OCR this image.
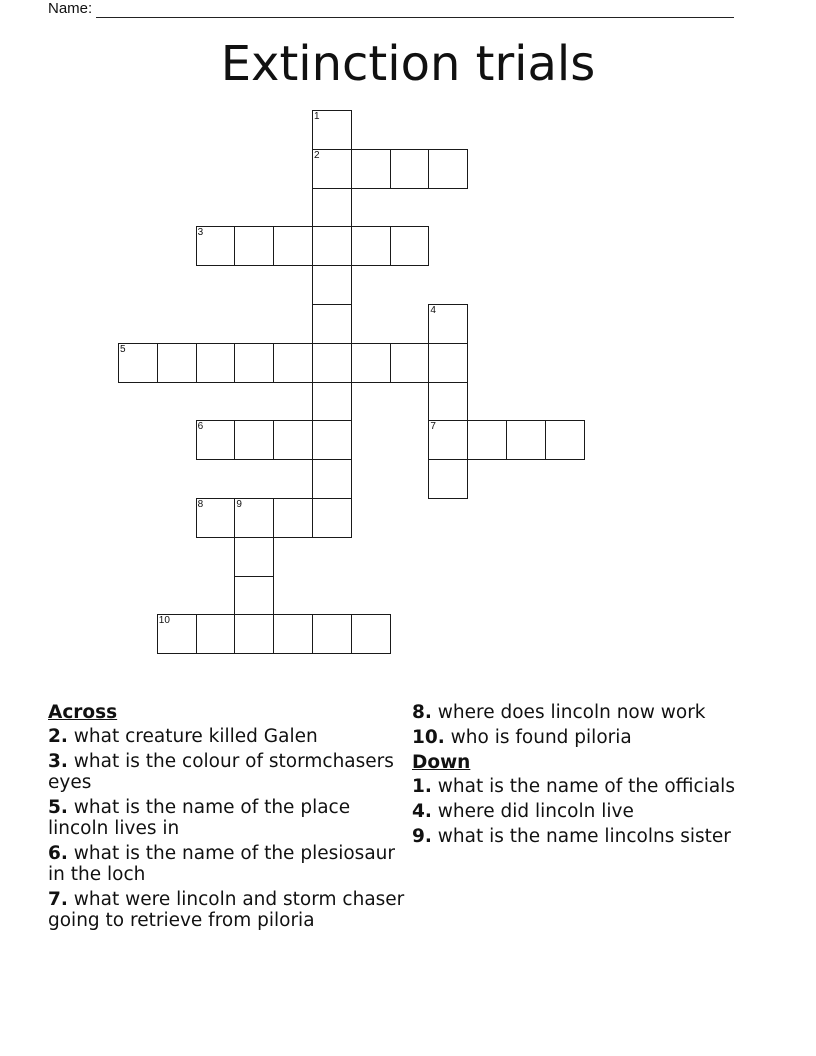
Name:
Extinction trials
1
2
3
4
7
5
6
8	9
10
Across
2. what creature killed Galen
3. what is the colour of stormchasers eyes
5. what is the name of the place lincoln lives in
6. what is the name of the plesiosaur in the loch
7. what were lincoln and storm chaser going to retrieve from piloria
8. where does lincoln now work
10. who is found piloria
Down
1. what is the name of the officials
4. where did lincoln live
9. what is the name lincolns sister
